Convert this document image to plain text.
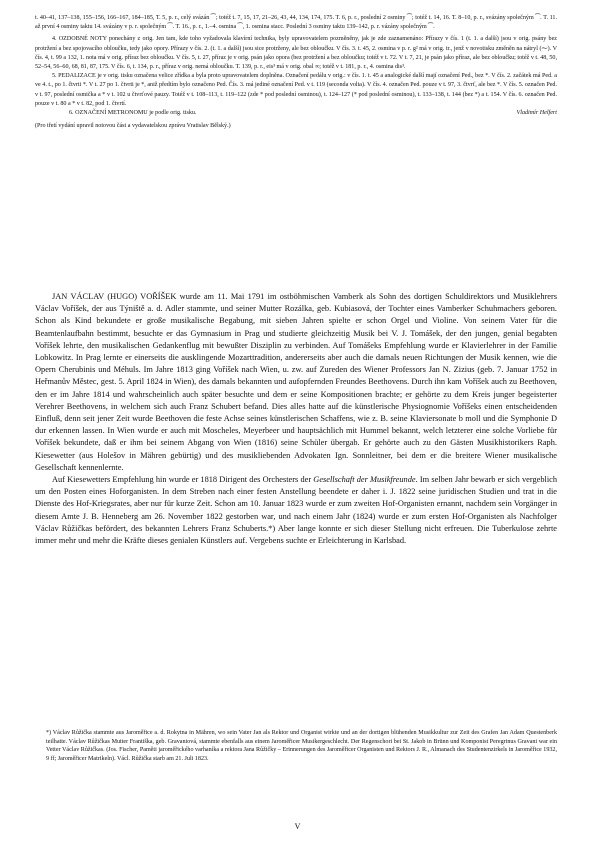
t. 40–41, 137–138, 155–156, 166–167, 184–185, T. 5, p. r., celý svázán ⁀; totéž t. 7, 15, 17, 21–26, 43, 44, 134, 174, 175. T. 6, p. r., poslední 2 osminy ⁀; totéž t. 14, 16. T. 8–10, p. r., svázány společným ⁀. T. 11. až první 4 osminy taktu 14. svázány v p. r. společným ⁀. T. 16., p. r., 1.–4. osmina ⁀, 1. osmina stacc. Poslední 3 osminy taktu 139–142, p. r. vázány společným ⁀.

4. OZDOBNÉ NOTY ponechány z orig. Jen tam, kde toho vyžadovala klavírní technika, byly upravovatelem pozměněny, jak je zde zaznamenáno: Přírazy v čís. 1 (t. 1. a další) jsou v orig. psány bez protržení a bez spojovacího obloučku, tedy jako opory. Přírazy v čís. 2. (t. 1. a další) jsou sice protrženy, ale bez obloučku. V čís. 3. t. 45, 2. osmina v p. r. g² má v orig. tr., jenž v novotisku změněn na nátryl (⁓). V čís. 4, t. 99 a 132, 1. nota má v orig. příraz bez obloučku. V čís. 5, t. 27, příraz je v orig. psán jako opora (bez protržení a bez obloučku; totéž v t. 72. V t. 7, 21, je psán jako příraz, ale bez obloučku; totéž v t. 48, 50, 52–54, 56–60, 68, 81, 87, 175. V čís. 6, t. 134, p. r., příraz v orig. nemá obloučku. T. 139, p. r., eis³ má v orig. obal ∞; totéž v t. 181, p. r., 4. osmina dis³.

5. PEDALIZACE je v orig. tisku označena velice zřídka a byla proto upravovatelem doplněna. Označení pedálu v orig.: v čís. 1. t. 45 a analogické další mají označení Ped., bez *. V čís. 2. začátek má Ped. a ve 4. t., po 1. čtvrti *. V t. 27 po 1. čtvrti je *, aniž předtím bylo označeno Ped. Čís. 3. má jediné označení Ped. v t. 119 (seconda volta). V čís. 4. označen Ped. pouze v t. 97, 3. čtvrť, ale bez *. V čís. 5. označen Ped. v t. 97, poslední osmička a * v t. 102 u čtvrťové pauzy. Totéž v t. 108–113, t. 119–122 (zde * pod poslední osminou), t. 124–127 (* pod poslední osminou), t. 133–138, t. 144 (bez *) a t. 154. V čís. 6. označen Ped. pouze v t. 80 a * v t. 82, pod 1. čtvrtí.

6. OZNAČENÍ METRONOMU je podle orig. tisku.	Vladimír Helfert

(Pro třetí vydání upravil notovou část a vydavatelskou zprávu Vratislav Bělský.)

JAN VÁCLAV (HUGO) VOŘÍŠEK wurde am 11. Mai 1791 im ostböhmischen Vamberk als Sohn des dortigen Schuldirektors und Musiklehrers Václav Voříšek, der aus Týniště a. d. Adler stammte, und seiner Mutter Rozálka, geb. Kubiasová, der Tochter eines Vamberker Schuhmachers geboren. Schon als Kind bekundete er große musikalische Begabung, mit sieben Jahren spielte er schon Orgel und Violine. Von seinem Vater für die Beamtenlaufbahn bestimmt, besuchte er das Gymnasium in Prag und studierte gleichzeitig Musik bei V. J. Tomášek, der den jungen, genial begabten Voříšek lehrte, den musikalischen Gedankenflug mit bewußter Disziplin zu verbinden. Auf Tomášeks Empfehlung wurde er Klavierlehrer in der Familie Lobkowitz. In Prag lernte er einerseits die ausklingende Mozarttradition, andererseits aber auch die damals neuen Richtungen der Musik kennen, wie die Opern Cherubinis und Méhuls. Im Jahre 1813 ging Voříšek nach Wien, u. zw. auf Zureden des Wiener Professors Jan N. Zizius (geb. 7. Januar 1752 in Heřmanův Městec, gest. 5. April 1824 in Wien), des damals bekannten und aufopfernden Freundes Beethovens. Durch ihn kam Voříšek auch zu Beethoven, den er im Jahre 1814 und wahrscheinlich auch später besuchte und dem er seine Kompositionen brachte; er gehörte zu dem Kreis junger begeisterter Verehrer Beethovens, in welchem sich auch Franz Schubert befand. Dies alles hatte auf die künstlerische Physiognomie Voříšeks einen entscheidenden Einfluß, denn seit jener Zeit wurde Beethoven die feste Achse seines künstlerischen Schaffens, wie z. B. seine Klaviersonate b moll und die Symphonie D dur erkennen lassen. In Wien wurde er auch mit Moscheles, Meyerbeer und hauptsächlich mit Hummel bekannt, welch letzterer eine solche Vorliebe für Voříšek bekundete, daß er ihm bei seinem Abgang von Wien (1816) seine Schüler übergab. Er gehörte auch zu den Gästen Musikhistorikers Raph. Kiesewetter (aus Holešov in Mähren gebürtig) und des musikliebenden Advokaten Ign. Sonnleitner, bei dem er die breitere Wiener musikalische Gesellschaft kennenlernte.

Auf Kiesewetters Empfehlung hin wurde er 1818 Dirigent des Orchesters der Gesellschaft der Musikfreunde. Im selben Jahr bewarb er sich vergeblich um den Posten eines Hoforganisten. In dem Streben nach einer festen Anstellung beendete er daher i. J. 1822 seine juridischen Studien und trat in die Dienste des Hof-Kriegsrates, aber nur für kurze Zeit. Schon am 10. Januar 1823 wurde er zum zweiten Hof-Organisten ernannt, nachdem sein Vorgänger in diesem Amte J. B. Henneberg am 26. November 1822 gestorben war, und nach einem Jahr (1824) wurde er zum ersten Hof-Organisten als Nachfolger Václav Růžičkas befördert, des bekannten Lehrers Franz Schuberts.*) Aber lange konnte er sich dieser Stellung nicht erfreuen. Die Tuberkulose zehrte immer mehr und mehr die Kräfte dieses genialen Künstlers auf. Vergebens suchte er Erleichterung in Karlsbad.

*) Václav Růžička stammte aus Jaroměřice a. d. Rokytna in Mähren, wo sein Vater Jan als Rektor und Organist wirkte und an der dortigen blühenden Musikkultur zur Zeit des Grafen Jan Adam Questenberk teilhatte. Václav Růžičkas Mutter Františka, geb. Gravaniová, stammte ebenfalls aus einem Jaroměřicer Musikergeschlecht. Der Regenschori bei St. Jakob in Brünn und Komponist Peregrinus Gravani war ein Vetter Václav Růžičkas. (Jos. Fischer, Paměti jaroměřického varhaníka a rektora Jana Růžičky – Erinnerungen des Jaroměřicer Organisten und Rektors J. R., Almanach des Studentenzirkels in Jaroměřice 1932, 9 ff; Jaroměřicer Matrikeln). Václ. Růžička starb am 21. Juli 1823.

V
